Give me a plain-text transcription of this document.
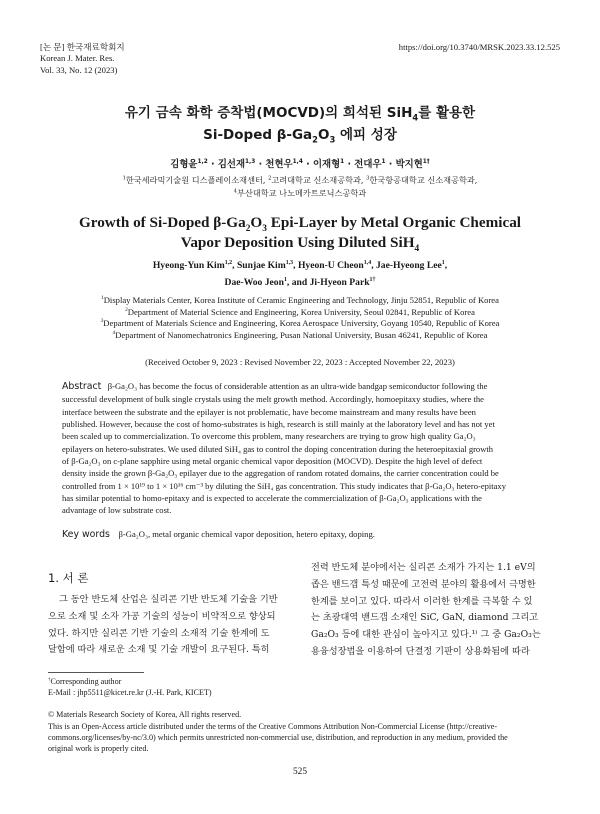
[논 문] 한국재료학회지
Korean J. Mater. Res.
Vol. 33, No. 12 (2023)
https://doi.org/10.3740/MRSK.2023.33.12.525
유기 금속 화학 증착법(MOCVD)의 희석된 SiH$_4$를 활용한
Si-Doped $\beta-Ga_2O_3$ 에피 성장
김형윤$^{1,2}$ · 김선재$^{1,3}$ · 천현우$^{1,4}$ · 이재형$^1$ · 전대우$^1$ · 박지현$^{1\dagger}$
$^1$한국세라믹기술원 디스플레이소재센터, $^2$고려대학교 신소재공학과, $^3$한국항공대학교 신소재공학과,
$^4$부산대학교 나노메카트로닉스공학과
Growth of Si-Doped $\beta-Ga_2O_3$ Epi-Layer by Metal Organic Chemical
Vapor Deposition Using Diluted SiH$_4$
Hyeong-Yun Kim$^{1,2}$, Sunjae Kim$^{1,3}$, Hyeon-U Cheon$^{1,4}$, Jae-Hyeong Lee$^1$,
Dae-Woo Jeon$^1$, and Ji-Hyeon Park$^{1\dagger}$
$^1$Display Materials Center, Korea Institute of Ceramic Engineering and Technology, Jinju 52851, Republic of Korea
$^2$Department of Material Science and Engineering, Korea University, Seoul 02841, Republic of Korea
$^3$Department of Materials Science and Engineering, Korea Aerospace University, Goyang 10540, Republic of Korea
$^4$Department of Nanomechatronics Engineering, Pusan National University, Busan 46241, Republic of Korea
(Received October 9, 2023 : Revised November 22, 2023 : Accepted November 22, 2023)
Abstract β-Ga₂O₃ has become the focus of considerable attention as an ultra-wide bandgap semiconductor following the
successful development of bulk single crystals using the melt growth method. Accordingly, homoepitaxy studies, where the
interface between the substrate and the epilayer is not problematic, have become mainstream and many results have been
published. However, because the cost of homo-substrates is high, research is still mainly at the laboratory level and has not yet
been scaled up to commercialization. To overcome this problem, many researchers are trying to grow high quality Ga₂O₃
epilayers on hetero-substrates. We used diluted SiH₄ gas to control the doping concentration during the heteroepitaxial growth
of β-Ga₂O₃ on c-plane sapphire using metal organic chemical vapor deposition (MOCVD). Despite the high level of defect
density inside the grown β-Ga₂O₃ epilayer due to the aggregation of random rotated domains, the carrier concentration could be
controlled from 1 × 10¹⁹ to 1 × 10¹⁶ cm⁻³ by diluting the SiH₄ gas concentration. This study indicates that β-Ga₂O₃ hetero-epitaxy
has similar potential to homo-epitaxy and is expected to accelerate the commercialization of β-Ga₂O₃ applications with the
advantage of low substrate cost.
Key words β-Ga₂O₃, metal organic chemical vapor deposition, hetero epitaxy, doping.
1. 서 론
그 동안 반도체 산업은 실리콘 기반 반도체 기술을 기반
으로 소재 및 소자 가공 기술의 성능이 비약적으로 향상되
었다. 하지만 실리콘 기반 기술의 소재적 기술 한계에 도
달함에 따라 새로운 소재 및 기술 개발이 요구된다. 특히
전력 반도체 분야에서는 실리콘 소재가 가지는 1.1 eV의
좁은 밴드갭 특성 때문에 고전력 분야의 활용에서 극명한
한계를 보이고 있다. 따라서 이러한 한계를 극복할 수 있
는 초광대역 밴드갭 소재인 SiC, GaN, diamond 그리고
Ga₂O₃ 등에 대한 관심이 높아지고 있다.¹⁾ 그 중 Ga₂O₃는
용융성장법을 이용하여 단결정 기판이 상용화됨에 따라
†Corresponding author
E-Mail : jhp5511@kicet.re.kr (J.-H. Park, KICET)
© Materials Research Society of Korea, All rights reserved.
This is an Open-Access article distributed under the terms of the Creative Commons Attribution Non-Commercial License (http://creative-
commons.org/licenses/by-nc/3.0) which permits unrestricted non-commercial use, distribution, and reproduction in any medium, provided the
original work is properly cited.
525
